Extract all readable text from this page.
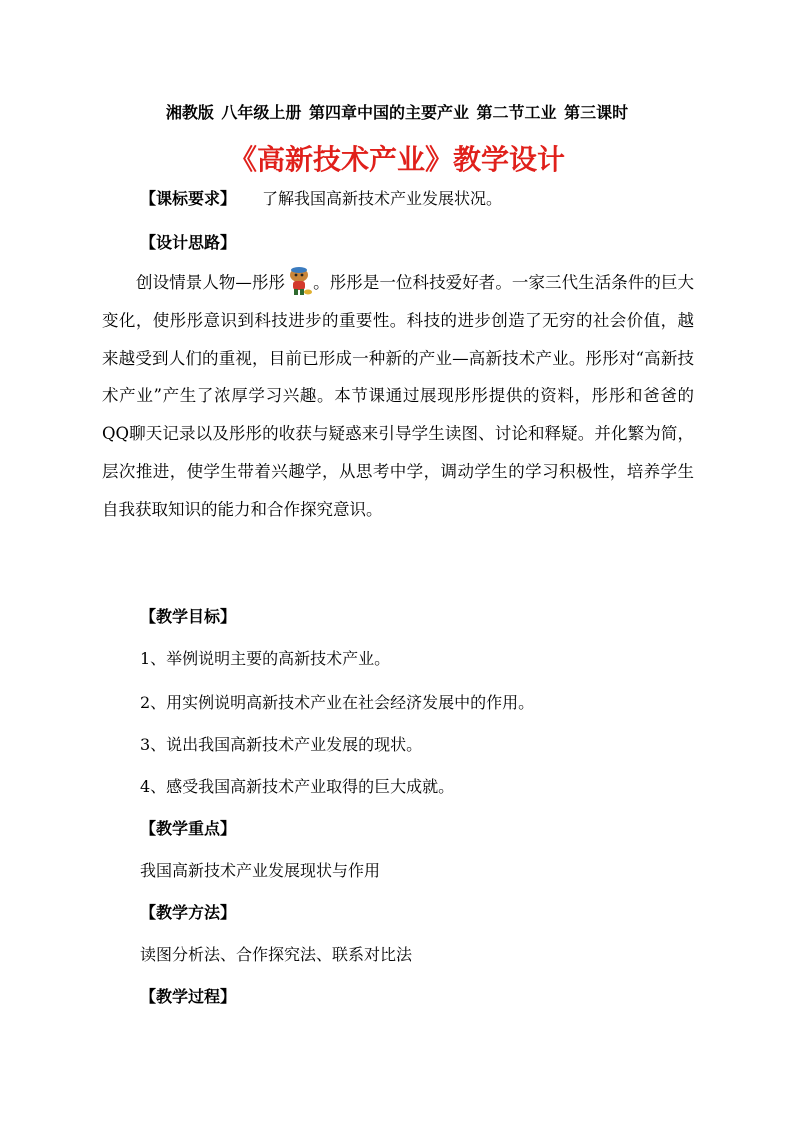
湘教版 八年级上册 第四章中国的主要产业 第二节工业 第三课时
《高新技术产业》教学设计
【课标要求】 了解我国高新技术产业发展状况。
【设计思路】
创设情景人物—彤彤 。彤彤是一位科技爱好者。一家三代生活条件的巨大变化，使彤彤意识到科技进步的重要性。科技的进步创造了无穷的社会价值，越来越受到人们的重视，目前已形成一种新的产业—高新技术产业。彤彤对“高新技术产业”产生了浓厚学习兴趣。本节课通过展现彤彤提供的资料，彤彤和爸爸的QQ聊天记录以及彤彤的收获与疑惑来引导学生读图、讨论和释疑。并化繁为简，层次推进，使学生带着兴趣学，从思考中学，调动学生的学习积极性，培养学生自我获取知识的能力和合作探究意识。
【教学目标】
1、举例说明主要的高新技术产业。
2、用实例说明高新技术产业在社会经济发展中的作用。
3、说出我国高新技术产业发展的现状。
4、感受我国高新技术产业取得的巨大成就。
【教学重点】
我国高新技术产业发展现状与作用
【教学方法】
读图分析法、合作探究法、联系对比法
【教学过程】
